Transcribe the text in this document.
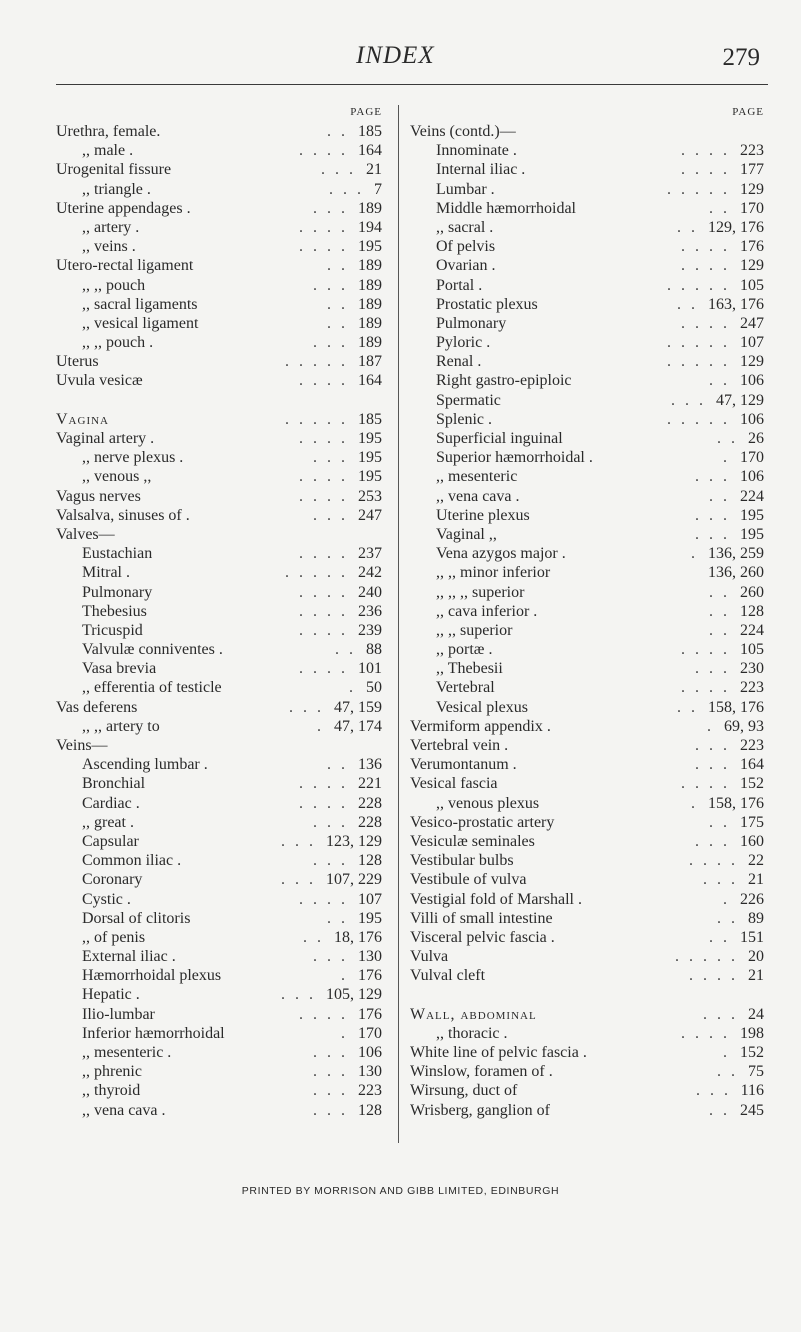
INDEX	279
PAGE
Urethra, female.	. . 185
,, male .	. . . . 164
Urogenital fissure	. . . 21
,, triangle .	. . . 7
Uterine appendages .	. . . 189
,, artery .	. . . . 194
,, veins .	. . . . 195
Utero-rectal ligament	. . 189
,, ,, pouch	. . . 189
,, sacral ligaments	. . 189
,, vesical ligament	. . 189
,, ,, pouch .	. . . 189
Uterus	. . . . . 187
Uvula vesicæ	. . . . 164
Vagina	. . . . . 185
Vaginal artery .	. . . . 195
,, nerve plexus .	. . . 195
,, venous ,,	. . . . 195
Vagus nerves	. . . . 253
Valsalva, sinuses of .	. . . 247
Valves—
Eustachian	. . . . 237
Mitral .	. . . . . 242
Pulmonary	. . . . 240
Thebesius	. . . . 236
Tricuspid	. . . . 239
Valvulæ conniventes .	. . 88
Vasa brevia	. . . . 101
,, efferentia of testicle	. 50
Vas deferens	. . . 47, 159
,, ,, artery to	. 47, 174
Veins—
Ascending lumbar .	. . 136
Bronchial	. . . . 221
Cardiac .	. . . . 228
,, great .	. . . 228
Capsular	. . . 123, 129
Common iliac .	. . . 128
Coronary	. . . 107, 229
Cystic .	. . . . 107
Dorsal of clitoris	. . 195
,, of penis	. . 18, 176
External iliac .	. . . 130
Hæmorrhoidal plexus	. 176
Hepatic .	. . . 105, 129
Ilio-lumbar	. . . . 176
Inferior hæmorrhoidal	. 170
,, mesenteric .	. . . 106
,, phrenic	. . . 130
,, thyroid	. . . 223
,, vena cava .	. . . 128
PAGE
Veins (contd.)—
Innominate .	. . . . 223
Internal iliac .	. . . . 177
Lumbar .	. . . . . 129
Middle hæmorrhoidal	. . 170
,, sacral .	. . 129, 176
Of pelvis	. . . . 176
Ovarian .	. . . . 129
Portal .	. . . . . 105
Prostatic plexus	. . 163, 176
Pulmonary	. . . . 247
Pyloric .	. . . . . 107
Renal .	. . . . . 129
Right gastro-epiploic	. . 106
Spermatic	. . . 47, 129
Splenic .	. . . . . 106
Superficial inguinal	. . 26
Superior hæmorrhoidal .	. 170
,, mesenteric	. . . 106
,, vena cava .	. . 224
Uterine plexus	. . . 195
Vaginal ,,	. . . 195
Vena azygos major .	. 136, 259
,, ,, minor inferior	136, 260
,, ,, ,, superior	. . 260
,, cava inferior .	. . 128
,, ,, superior	. . 224
,, portæ .	. . . . 105
,, Thebesii	. . . 230
Vertebral	. . . . 223
Vesical plexus	. . 158, 176
Vermiform appendix .	. 69, 93
Vertebral vein .	. . . 223
Verumontanum .	. . . 164
Vesical fascia	. . . . 152
,, venous plexus	. 158, 176
Vesico-prostatic artery	. . 175
Vesiculæ seminales	. . . 160
Vestibular bulbs	. . . . 22
Vestibule of vulva	. . . 21
Vestigial fold of Marshall .	. 226
Villi of small intestine	. . 89
Visceral pelvic fascia .	. . 151
Vulva	. . . . . 20
Vulval cleft	. . . . 21
Wall, abdominal	. . . 24
,, thoracic .	. . . . 198
White line of pelvic fascia .	. 152
Winslow, foramen of .	. . 75
Wirsung, duct of	. . . 116
Wrisberg, ganglion of	. . 245
PRINTED BY MORRISON AND GIBB LIMITED, EDINBURGH
